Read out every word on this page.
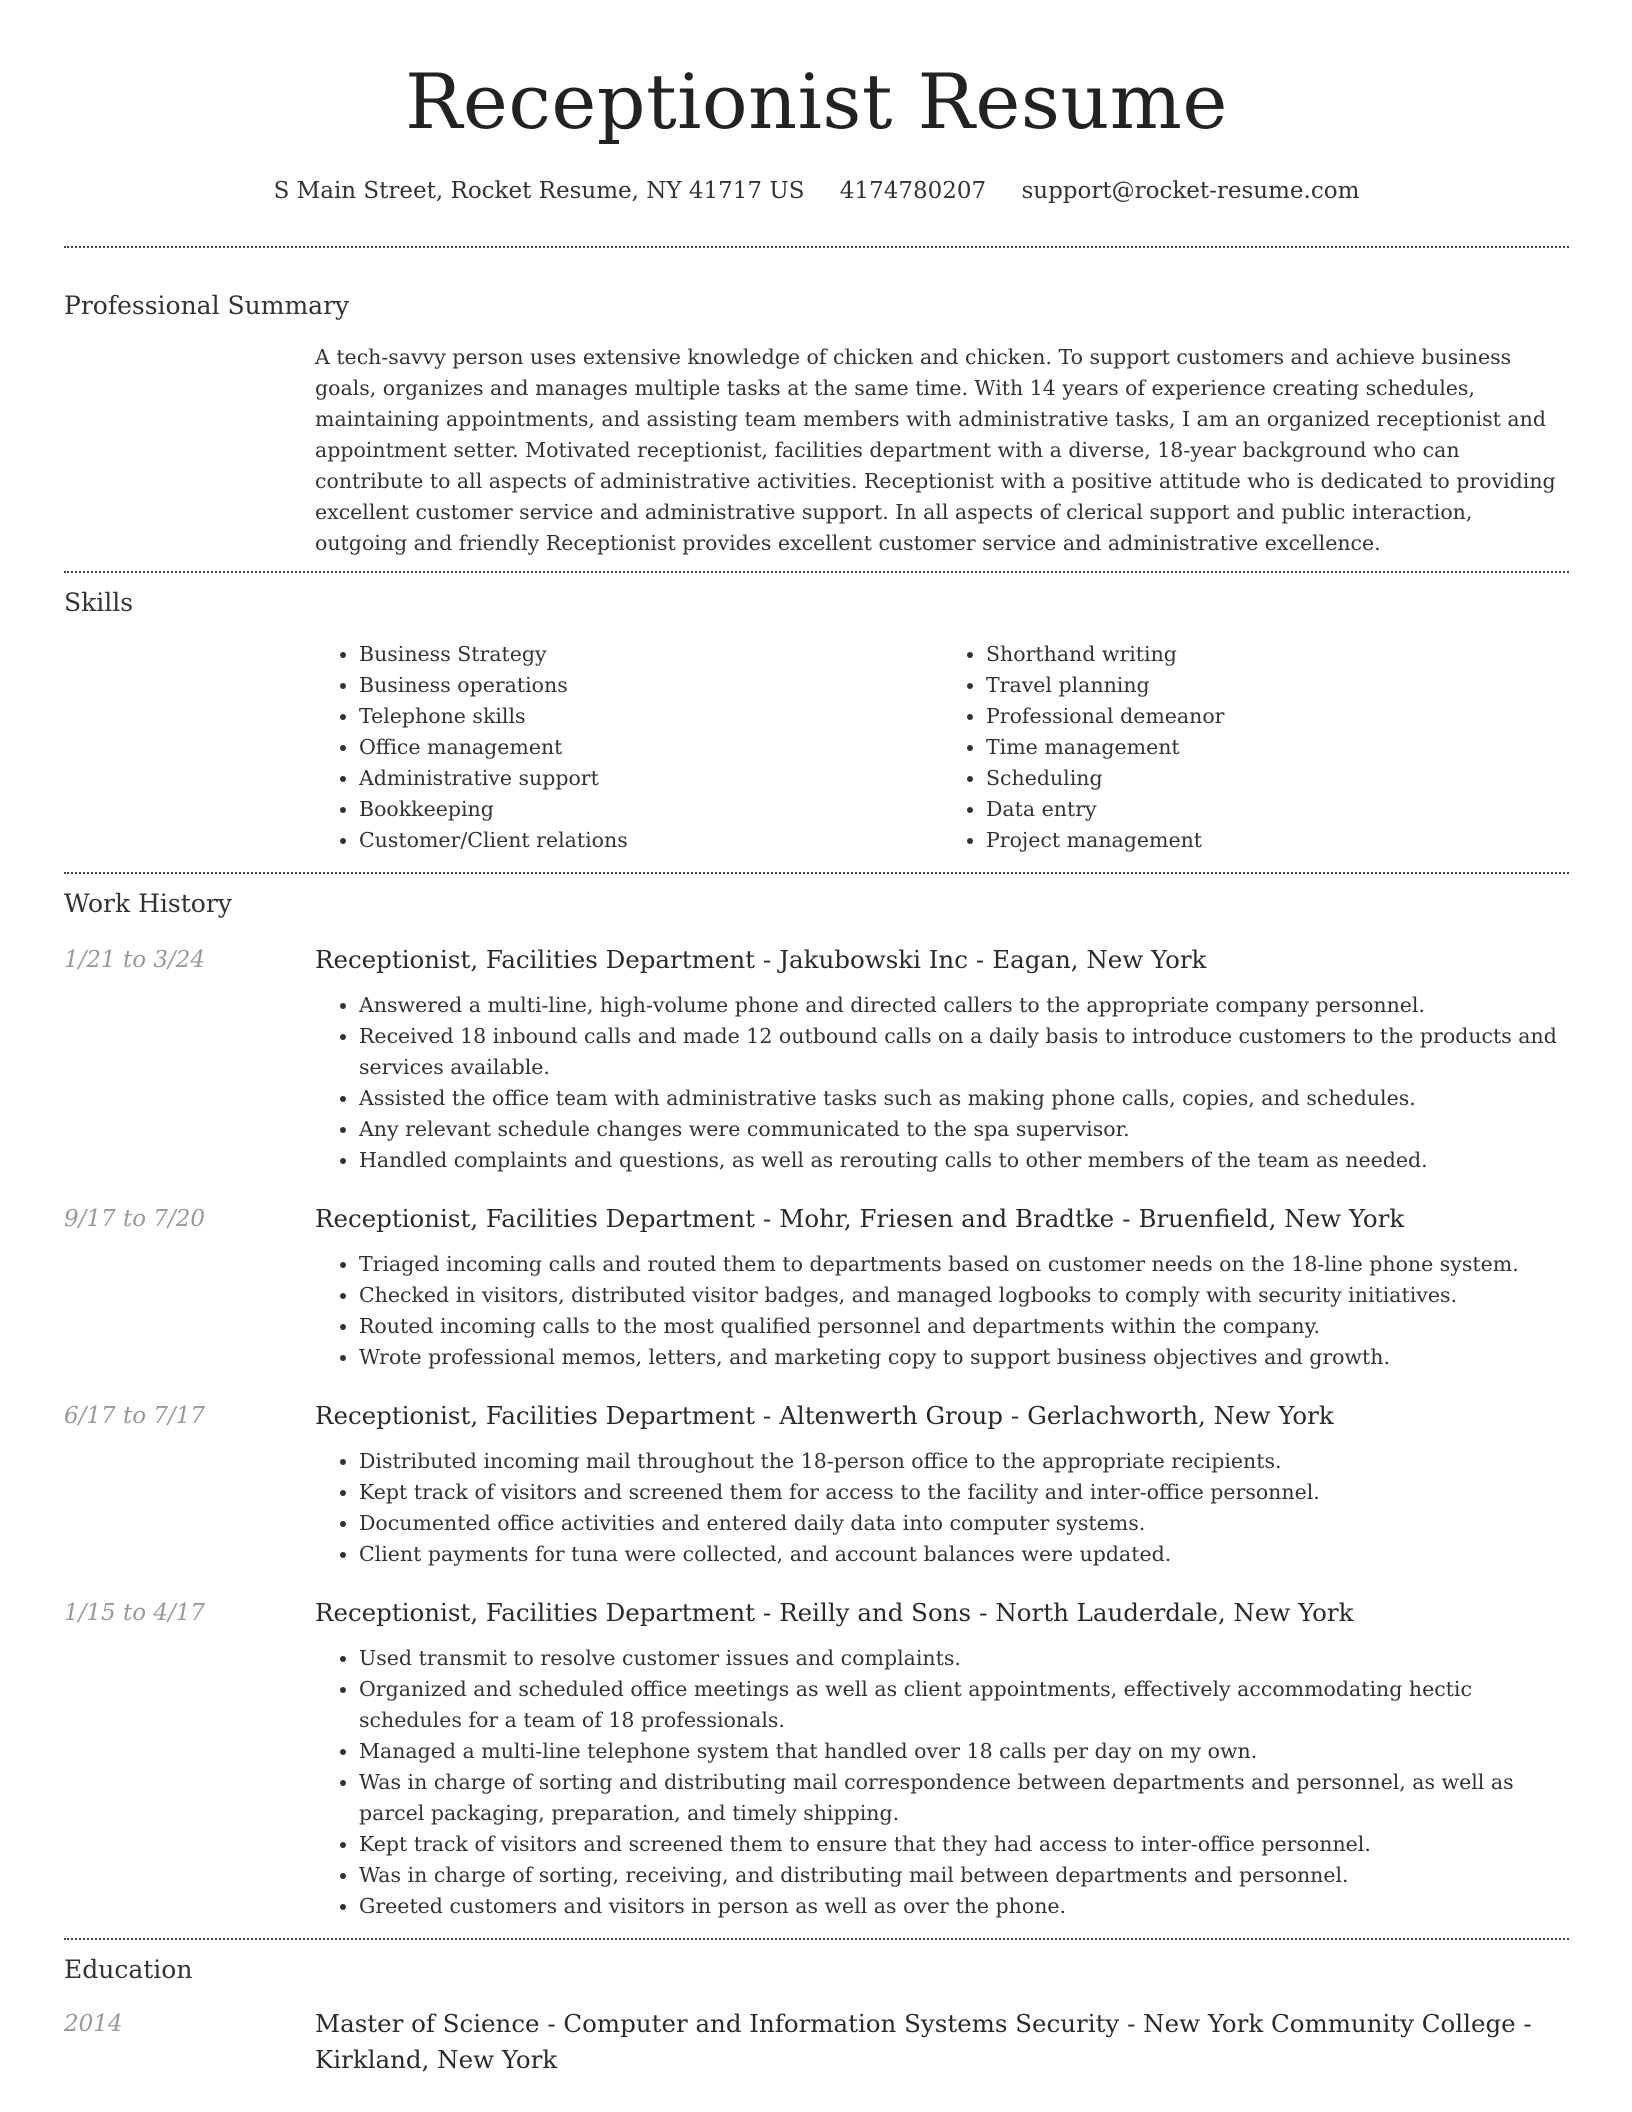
Receptionist Resume
S Main Street, Rocket Resume, NY 41717 US 4174780207 support@rocket-resume.com
Professional Summary
A tech-savvy person uses extensive knowledge of chicken and chicken. To support customers and achieve business goals, organizes and manages multiple tasks at the same time. With 14 years of experience creating schedules, maintaining appointments, and assisting team members with administrative tasks, I am an organized receptionist and appointment setter. Motivated receptionist, facilities department with a diverse, 18-year background who can contribute to all aspects of administrative activities. Receptionist with a positive attitude who is dedicated to providing excellent customer service and administrative support. In all aspects of clerical support and public interaction, outgoing and friendly Receptionist provides excellent customer service and administrative excellence.
Skills
• Business Strategy
• Business operations
• Telephone skills
• Office management
• Administrative support
• Bookkeeping
• Customer/Client relations
• Shorthand writing
• Travel planning
• Professional demeanor
• Time management
• Scheduling
• Data entry
• Project management
Work History
1/21 to 3/24	Receptionist, Facilities Department - Jakubowski Inc - Eagan, New York
• Answered a multi-line, high-volume phone and directed callers to the appropriate company personnel.
• Received 18 inbound calls and made 12 outbound calls on a daily basis to introduce customers to the products and services available.
• Assisted the office team with administrative tasks such as making phone calls, copies, and schedules.
• Any relevant schedule changes were communicated to the spa supervisor.
• Handled complaints and questions, as well as rerouting calls to other members of the team as needed.
9/17 to 7/20	Receptionist, Facilities Department - Mohr, Friesen and Bradtke - Bruenfield, New York
• Triaged incoming calls and routed them to departments based on customer needs on the 18-line phone system.
• Checked in visitors, distributed visitor badges, and managed logbooks to comply with security initiatives.
• Routed incoming calls to the most qualified personnel and departments within the company.
• Wrote professional memos, letters, and marketing copy to support business objectives and growth.
6/17 to 7/17	Receptionist, Facilities Department - Altenwerth Group - Gerlachworth, New York
• Distributed incoming mail throughout the 18-person office to the appropriate recipients.
• Kept track of visitors and screened them for access to the facility and inter-office personnel.
• Documented office activities and entered daily data into computer systems.
• Client payments for tuna were collected, and account balances were updated.
1/15 to 4/17	Receptionist, Facilities Department - Reilly and Sons - North Lauderdale, New York
• Used transmit to resolve customer issues and complaints.
• Organized and scheduled office meetings as well as client appointments, effectively accommodating hectic schedules for a team of 18 professionals.
• Managed a multi-line telephone system that handled over 18 calls per day on my own.
• Was in charge of sorting and distributing mail correspondence between departments and personnel, as well as parcel packaging, preparation, and timely shipping.
• Kept track of visitors and screened them to ensure that they had access to inter-office personnel.
• Was in charge of sorting, receiving, and distributing mail between departments and personnel.
• Greeted customers and visitors in person as well as over the phone.
Education
2014	Master of Science - Computer and Information Systems Security - New York Community College - Kirkland, New York
